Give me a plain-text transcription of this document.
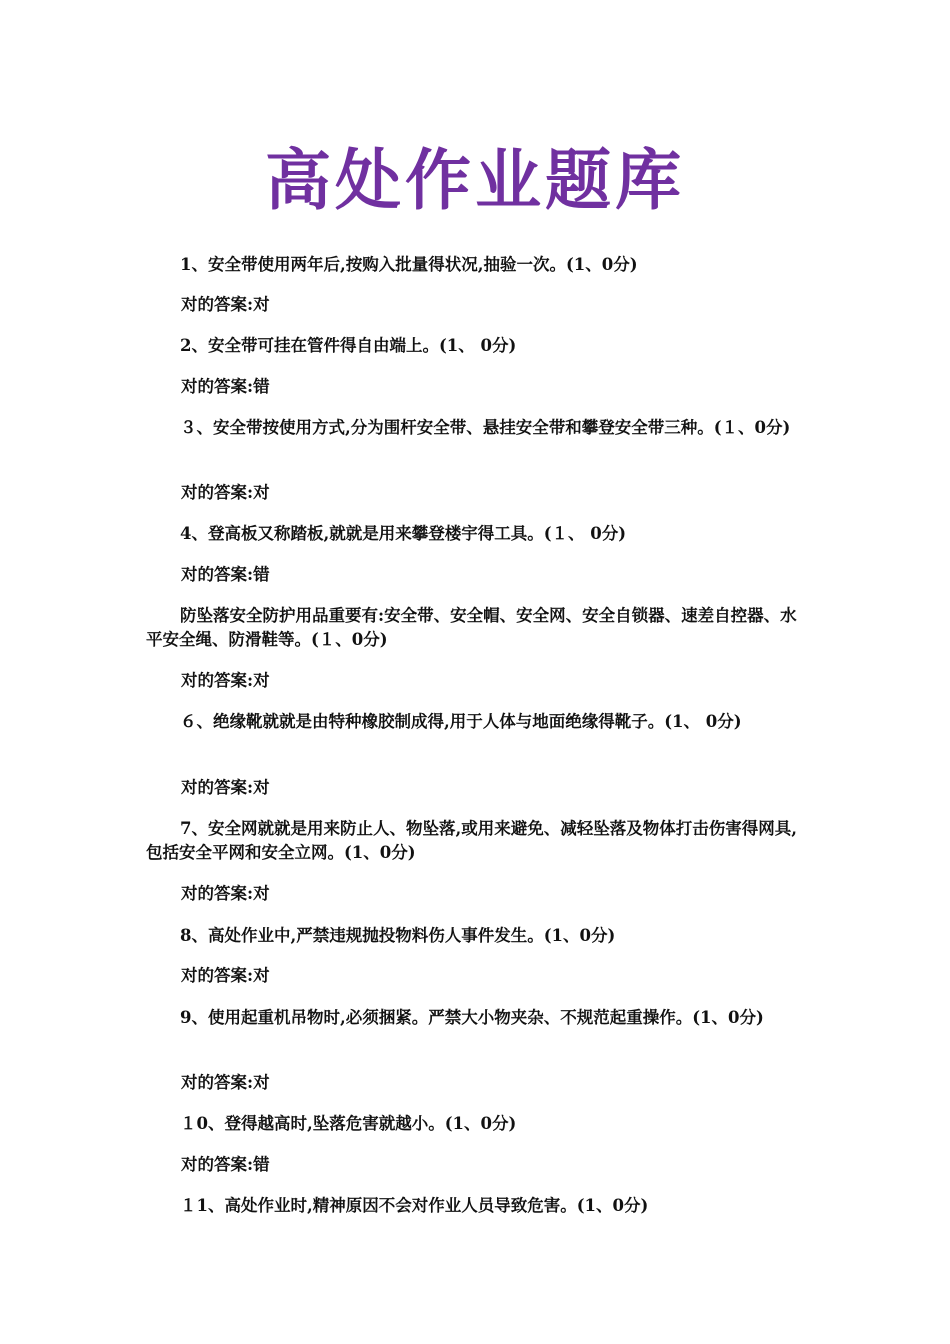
高处作业题库
1、安全带使用两年后,按购入批量得状况,抽验一次。(1、0分)
对的答案:对
2、安全带可挂在管件得自由端上。(1、 0分)
对的答案:错
３、安全带按使用方式,分为围杆安全带、悬挂安全带和攀登安全带三种。(１、0分)
对的答案:对
4、登高板又称踏板,就就是用来攀登楼宇得工具。(１、 0分)
对的答案:错
防坠落安全防护用品重要有:安全带、安全帽、安全网、安全自锁器、速差自控器、水平安全绳、防滑鞋等。(１、0分)
对的答案:对
６、绝缘靴就就是由特种橡胶制成得,用于人体与地面绝缘得靴子。(1、 0分)
对的答案:对
7、安全网就就是用来防止人、物坠落,或用来避免、减轻坠落及物体打击伤害得网具,包括安全平网和安全立网。(1、0分)
对的答案:对
8、高处作业中,严禁违规抛投物料伤人事件发生。(1、0分)
对的答案:对
9、使用起重机吊物时,必须捆紧。严禁大小物夹杂、不规范起重操作。(1、0分)
对的答案:对
１0、登得越高时,坠落危害就越小。(1、0分)
对的答案:错
１1、高处作业时,精神原因不会对作业人员导致危害。(1、0分)
